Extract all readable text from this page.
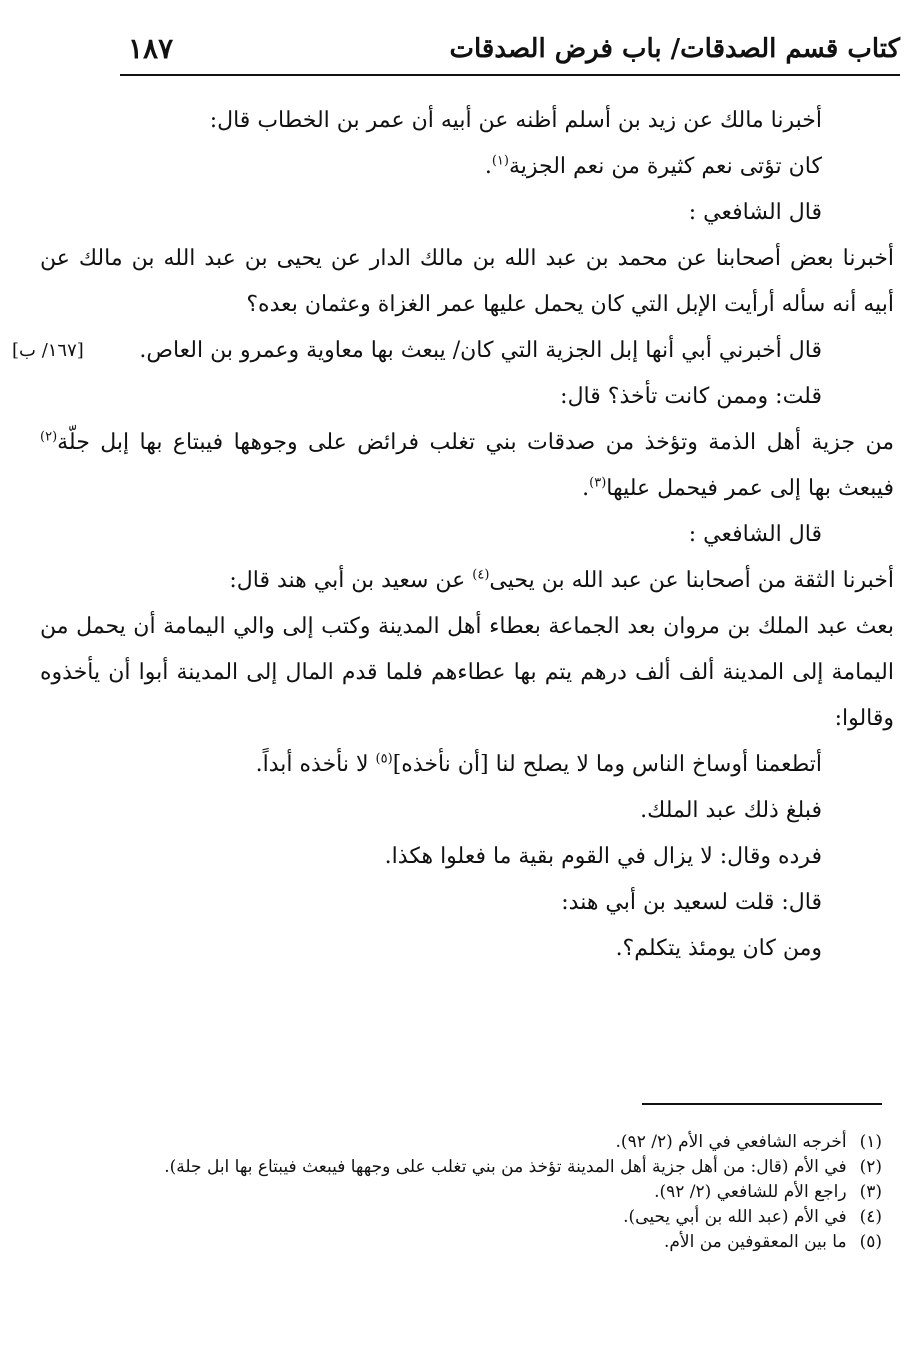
كتاب قسم الصدقات/ باب فرض الصدقات
١٨٧

أخبرنا مالك عن زيد بن أسلم أظنه عن أبيه أن عمر بن الخطاب قال:

كان تؤتى نعم كثيرة من نعم الجزية$^{(١)}$.

قال الشافعي :

أخبرنا بعض أصحابنا عن محمد بن عبد الله بن مالك الدار عن يحيى بن عبد الله بن مالك عن أبيه أنه سأله أرأيت الإبل التي كان يحمل عليها عمر الغزاة وعثمان بعده؟

قال أخبرني أبي أنها إبل الجزية التي كان/ يبعث بها معاوية وعمرو بن العاص.
[١٦٧/ ب]

قلت: وممن كانت تأخذ؟ قال:

من جزية أهل الذمة وتؤخذ من صدقات بني تغلب فرائض على وجوهها فيبتاع بها إبل جلّة$^{(٢)}$ فيبعث بها إلى عمر فيحمل عليها$^{(٣)}$.

قال الشافعي :

أخبرنا الثقة من أصحابنا عن عبد الله بن يحيى$^{(٤)}$ عن سعيد بن أبي هند قال:

بعث عبد الملك بن مروان بعد الجماعة بعطاء أهل المدينة وكتب إلى والي اليمامة أن يحمل من اليمامة إلى المدينة ألف ألف درهم يتم بها عطاءهم فلما قدم المال إلى المدينة أبوا أن يأخذوه وقالوا:

أتطعمنا أوساخ الناس وما لا يصلح لنا [أن نأخذه]$^{(٥)}$ لا نأخذه أبداً.

فبلغ ذلك عبد الملك.

فرده وقال: لا يزال في القوم بقية ما فعلوا هكذا.

قال: قلت لسعيد بن أبي هند:

ومن كان يومئذ يتكلم؟.

(١) أخرجه الشافعي في الأم (٢/ ٩٢).
(٢) في الأم (قال: من أهل جزية أهل المدينة تؤخذ من بني تغلب على وجهها فيبعث فيبتاع بها ابل جلة).
(٣) راجع الأم للشافعي (٢/ ٩٢).
(٤) في الأم (عبد الله بن أبي يحيى).
(٥) ما بين المعقوفين من الأم.
